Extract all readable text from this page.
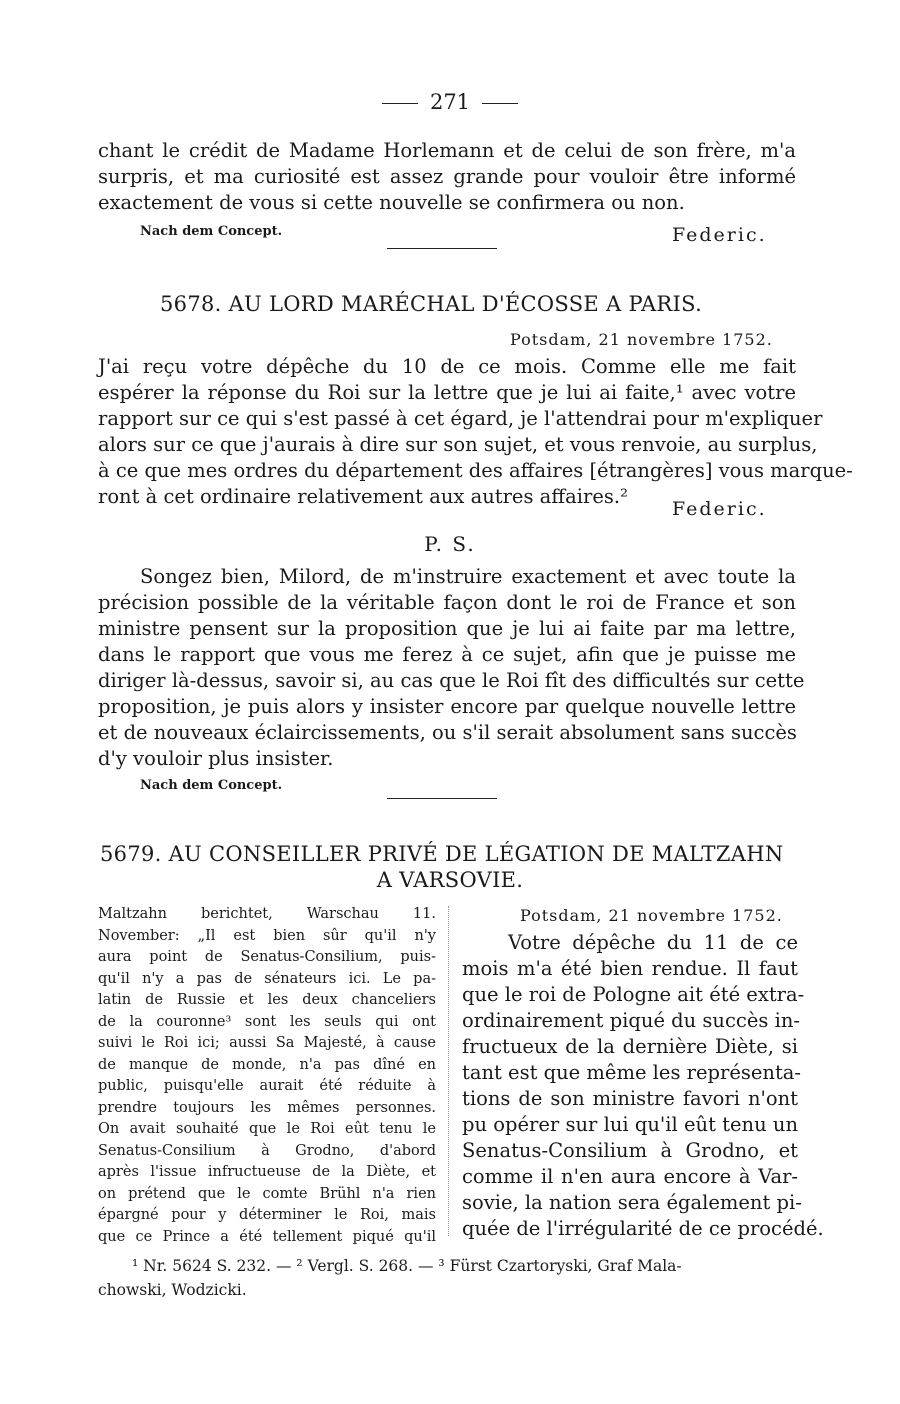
271
chant le crédit de Madame Horlemann et de celui de son frère, m'a
surpris, et ma curiosité est assez grande pour vouloir être informé
exactement de vous si cette nouvelle se confirmera ou non.
Nach dem Concept.	Federic.
5678. AU LORD MARÉCHAL D'ÉCOSSE A PARIS.
Potsdam, 21 novembre 1752.
J'ai reçu votre dépêche du 10 de ce mois. Comme elle me fait
espérer la réponse du Roi sur la lettre que je lui ai faite,¹ avec votre
rapport sur ce qui s'est passé à cet égard, je l'attendrai pour m'expliquer
alors sur ce que j'aurais à dire sur son sujet, et vous renvoie, au surplus,
à ce que mes ordres du département des affaires [étrangères] vous marque-
ront à cet ordinaire relativement aux autres affaires.²
Federic.
P. S.
Songez bien, Milord, de m'instruire exactement et avec toute la
précision possible de la véritable façon dont le roi de France et son
ministre pensent sur la proposition que je lui ai faite par ma lettre,
dans le rapport que vous me ferez à ce sujet, afin que je puisse me
diriger là-dessus, savoir si, au cas que le Roi fît des difficultés sur cette
proposition, je puis alors y insister encore par quelque nouvelle lettre
et de nouveaux éclaircissements, ou s'il serait absolument sans succès
d'y vouloir plus insister.
Nach dem Concept.
5679. AU CONSEILLER PRIVÉ DE LÉGATION DE MALTZAHN
A VARSOVIE.
Maltzahn berichtet, Warschau 11.
November: „Il est bien sûr qu'il n'y
aura point de Senatus-Consilium, puis-
qu'il n'y a pas de sénateurs ici. Le pa-
latin de Russie et les deux chanceliers
de la couronne³ sont les seuls qui ont
suivi le Roi ici; aussi Sa Majesté, à cause
de manque de monde, n'a pas dîné en
public, puisqu'elle aurait été réduite à
prendre toujours les mêmes personnes.
On avait souhaité que le Roi eût tenu le
Senatus-Consilium à Grodno, d'abord
après l'issue infructueuse de la Diète, et
on prétend que le comte Brühl n'a rien
épargné pour y déterminer le Roi, mais
que ce Prince a été tellement piqué qu'il
Potsdam, 21 novembre 1752.
Votre dépêche du 11 de ce
mois m'a été bien rendue. Il faut
que le roi de Pologne ait été extra-
ordinairement piqué du succès in-
fructueux de la dernière Diète, si
tant est que même les représenta-
tions de son ministre favori n'ont
pu opérer sur lui qu'il eût tenu un
Senatus-Consilium à Grodno, et
comme il n'en aura encore à Var-
sovie, la nation sera également pi-
quée de l'irrégularité de ce procédé.
¹ Nr. 5624 S. 232. — ² Vergl. S. 268. — ³ Fürst Czartoryski, Graf Mala-
chowski, Wodzicki.
